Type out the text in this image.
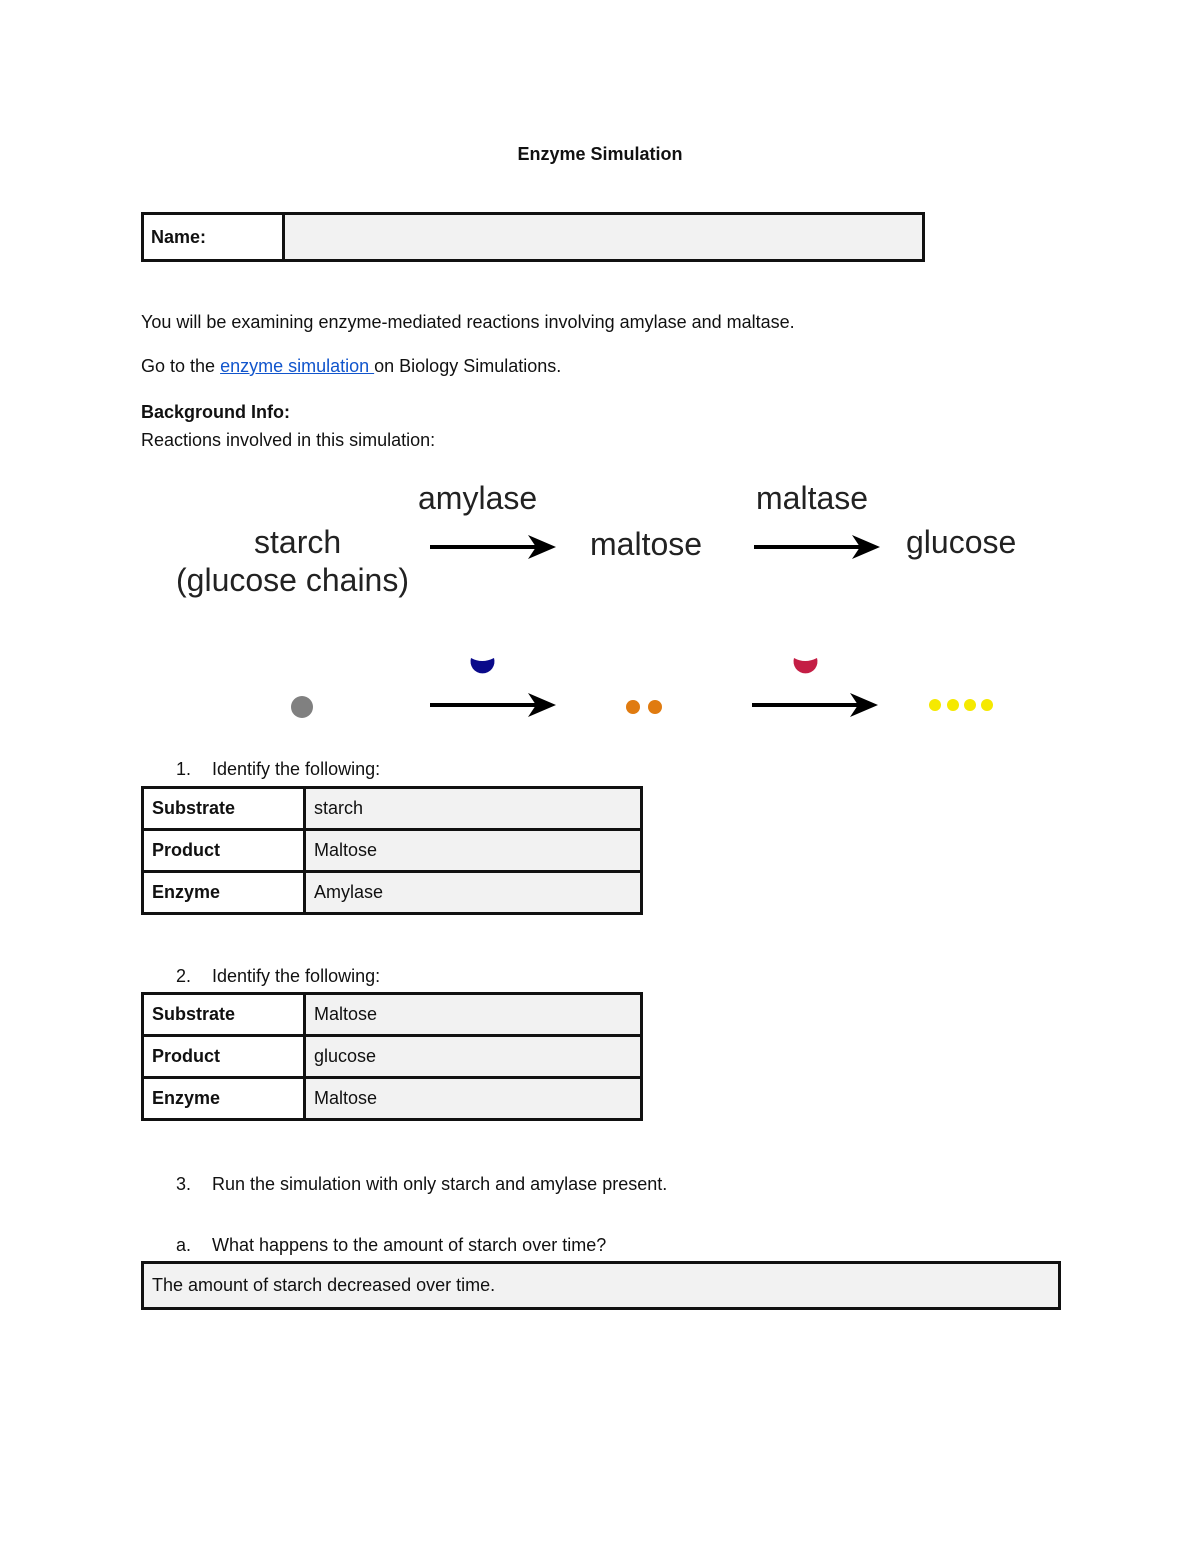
Enzyme Simulation
Name:
You will be examining enzyme-mediated reactions involving amylase and maltase.
Go to the enzyme simulation on Biology Simulations.
Background Info:
Reactions involved in this simulation:
starch
(glucose chains)
amylase
maltose
maltase
glucose
1. Identify the following:
Substrate	starch
Product	Maltose
Enzyme	Amylase
2. Identify the following:
Substrate	Maltose
Product	glucose
Enzyme	Maltose
3. Run the simulation with only starch and amylase present.
a. What happens to the amount of starch over time?
The amount of starch decreased over time.
